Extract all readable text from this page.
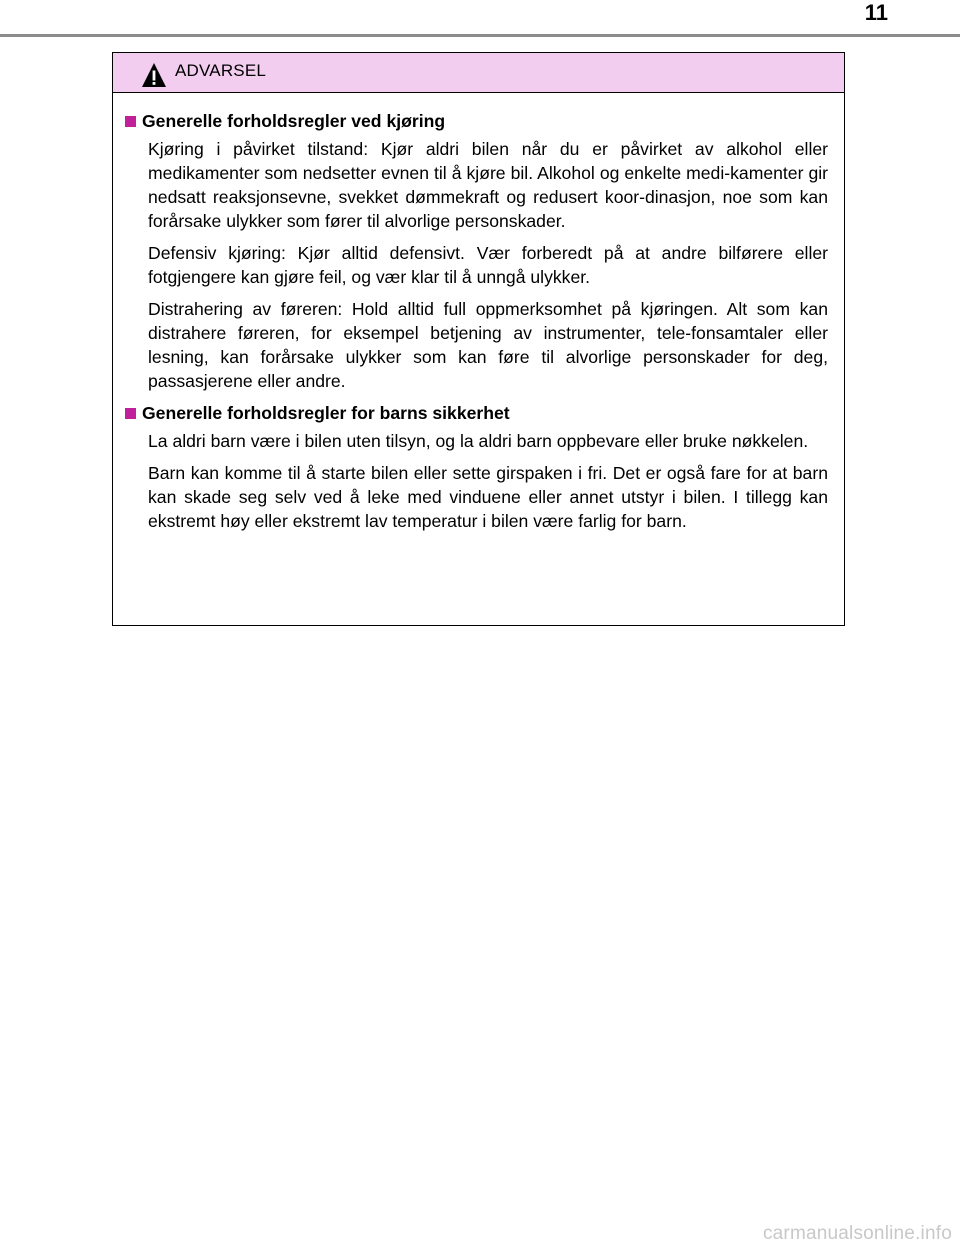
11
ADVARSEL
Generelle forholdsregler ved kjøring

Kjøring i påvirket tilstand: Kjør aldri bilen når du er påvirket av alkohol eller medikamenter som nedsetter evnen til å kjøre bil. Alkohol og enkelte medi-kamenter gir nedsatt reaksjonsevne, svekket dømmekraft og redusert koor-dinasjon, noe som kan forårsake ulykker som fører til alvorlige personskader.

Defensiv kjøring: Kjør alltid defensivt. Vær forberedt på at andre bilførere eller fotgjengere kan gjøre feil, og vær klar til å unngå ulykker.

Distrahering av føreren: Hold alltid full oppmerksomhet på kjøringen. Alt som kan distrahere føreren, for eksempel betjening av instrumenter, tele-fonsamtaler eller lesning, kan forårsake ulykker som kan føre til alvorlige personskader for deg, passasjerene eller andre.

Generelle forholdsregler for barns sikkerhet

La aldri barn være i bilen uten tilsyn, og la aldri barn oppbevare eller bruke nøkkelen.

Barn kan komme til å starte bilen eller sette girspaken i fri. Det er også fare for at barn kan skade seg selv ved å leke med vinduene eller annet utstyr i bilen. I tillegg kan ekstremt høy eller ekstremt lav temperatur i bilen være farlig for barn.

carmanualsonline.info
